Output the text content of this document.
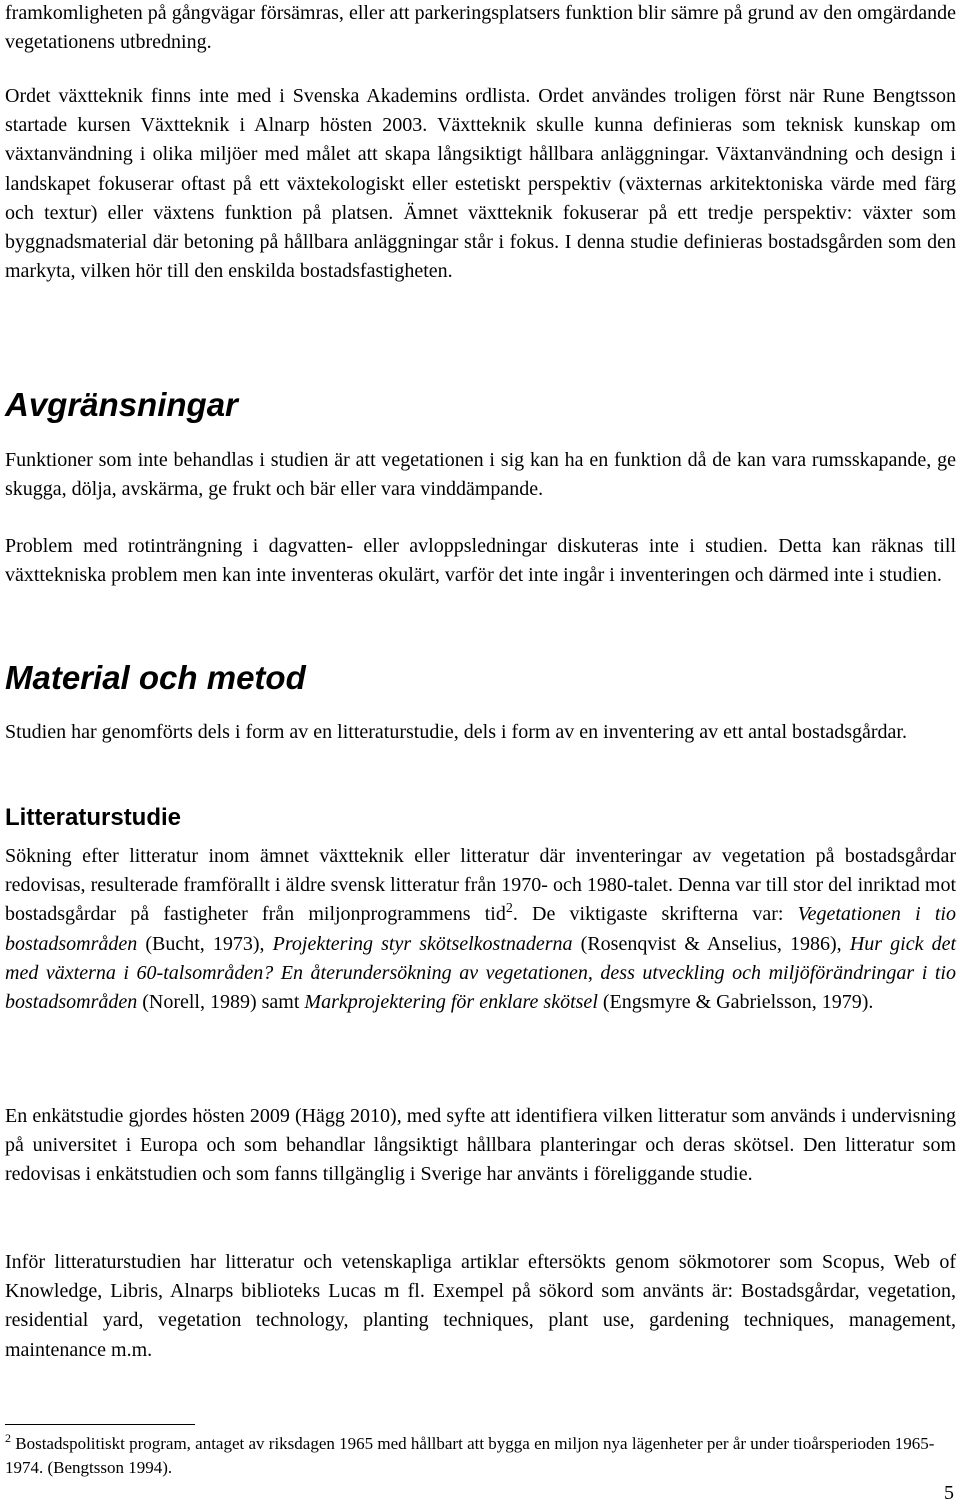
framkomligheten på gångvägar försämras, eller att parkeringsplatsers funktion blir sämre på grund av den omgärdande vegetationens utbredning.

Ordet växtteknik finns inte med i Svenska Akademins ordlista. Ordet användes troligen först när Rune Bengtsson startade kursen Växtteknik i Alnarp hösten 2003. Växtteknik skulle kunna definieras som teknisk kunskap om växtanvändning i olika miljöer med målet att skapa långsiktigt hållbara anläggningar. Växtanvändning och design i landskapet fokuserar oftast på ett växtekologiskt eller estetiskt perspektiv (växternas arkitektoniska värde med färg och textur) eller växtens funktion på platsen. Ämnet växtteknik fokuserar på ett tredje perspektiv: växter som byggnadsmaterial där betoning på hållbara anläggningar står i fokus. I denna studie definieras bostadsgården som den markyta, vilken hör till den enskilda bostadsfastigheten.

Avgränsningar

Funktioner som inte behandlas i studien är att vegetationen i sig kan ha en funktion då de kan vara rumsskapande, ge skugga, dölja, avskärma, ge frukt och bär eller vara vinddämpande.

Problem med rotinträngning i dagvatten- eller avloppsledningar diskuteras inte i studien. Detta kan räknas till växttekniska problem men kan inte inventeras okulärt, varför det inte ingår i inventeringen och därmed inte i studien.

Material och metod

Studien har genomförts dels i form av en litteraturstudie, dels i form av en inventering av ett antal bostadsgårdar.

Litteraturstudie

Sökning efter litteratur inom ämnet växtteknik eller litteratur där inventeringar av vegetation på bostadsgårdar redovisas, resulterade framförallt i äldre svensk litteratur från 1970- och 1980-talet. Denna var till stor del inriktad mot bostadsgårdar på fastigheter från miljonprogrammens tid$^2$. De viktigaste skrifterna var: Vegetationen i tio bostadsområden (Bucht, 1973), Projektering styr skötselkostnaderna (Rosenqvist & Anselius, 1986), Hur gick det med växterna i 60-talsområden? En återundersökning av vegetationen, dess utveckling och miljöförändringar i tio bostadsområden (Norell, 1989) samt Markprojektering för enklare skötsel (Engsmyre & Gabrielsson, 1979).

En enkätstudie gjordes hösten 2009 (Hägg 2010), med syfte att identifiera vilken litteratur som används i undervisning på universitet i Europa och som behandlar långsiktigt hållbara planteringar och deras skötsel. Den litteratur som redovisas i enkätstudien och som fanns tillgänglig i Sverige har använts i föreliggande studie.

Inför litteraturstudien har litteratur och vetenskapliga artiklar eftersökts genom sökmotorer som Scopus, Web of Knowledge, Libris, Alnarps biblioteks Lucas m fl. Exempel på sökord som använts är: Bostadsgårdar, vegetation, residential yard, vegetation technology, planting techniques, plant use, gardening techniques, management, maintenance m.m.

$^2$ Bostadspolitiskt program, antaget av riksdagen 1965 med hållbart att bygga en miljon nya lägenheter per år under tioårsperioden 1965-1974. (Bengtsson 1994).

5
